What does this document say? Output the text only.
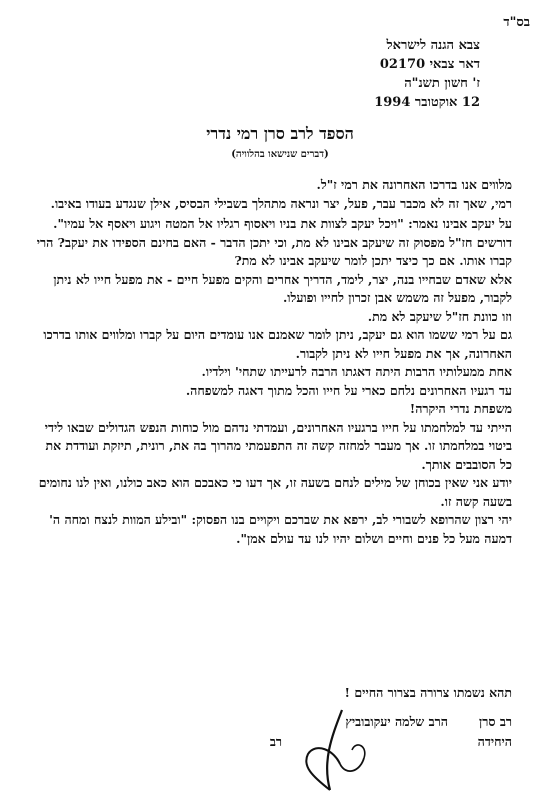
בס"ד
צבא הגנה לישראל
דאר צבאי 02170
ז' חשון תשנ"ה
12 אוקטובר 1994
הספד לרב סרן רמי נדרי
(דברים שנישאו בהלוויה)

מלווים אנו בדרכו האחרונה את רמי ז"ל.

רמי, שאך זה לא מכבר עבר, פעל, יצר ונראה מתהלך בשבילי הבסיס, אילן שנגדע בעודו באיבו.

על יעקב אבינו נאמר: "ויכל יעקב לצוות את בניו ויאסוף רגליו אל המטה ויגוע ויאסף אל עמיו".

דורשים חז"ל מפסוק זה שיעקב אבינו לא מת, וכי יתכן הדבר - האם בחינם הספידו את יעקב? הרי קברו אותו. אם כך כיצד יתכן לומר שיעקב אבינו לא מת?

אלא שאדם שבחייו בנה, יצר, לימד, הדריך אחרים והקים מפעל חיים - את מפעל חייו לא ניתן לקבור, מפעל זה משמש אבן זכרון לחייו ופועלו.

וזו כוונת חז"ל שיעקב לא מת.

גם על רמי ששמו הוא גם יעקב, ניתן לומר שאמנם אנו עומדים היום על קברו ומלווים אותו בדרכו האחרונה, אך את מפעל חייו לא ניתן לקבור.

אחת ממעלותיו הרבות היתה דאגתו הרבה לרעייתו שתחי' וילדיו.

עד רגעיו האחרונים נלחם כארי על חייו והכל מתוך דאגה למשפחה.

משפחת נדרי היקרה!

הייתי עד למלחמתו על חייו ברגעיו האחרונים, ועמדתי נדהם מול כוחות הנפש הגדולים שבאו לידי ביטוי במלחמתו זו. אך מעבר למחזה קשה זה התפעמתי מהרוך בה את, רונית, תיזקת ועודדת את כל הסובבים אותך.

יודע אני שאין בכוחן של מילים לנחם בשעה זו, אך דעו כי כאבכם הוא כאב כולנו, ואין לנו נחומים בשעה קשה זו.

יהי רצון שהרופא לשבורי לב, ירפא את שברכם ויקויים בנו הפסוק: "ובילע המוות לנצח ומחה ה' דמעה מעל כל פנים וחיים ושלום יהיו לנו עד עולם אמן".

תהא נשמתו צרורה בצרור החיים !
רב סרן
הרב שלמה יעקובוביץ
היחידה
רב
